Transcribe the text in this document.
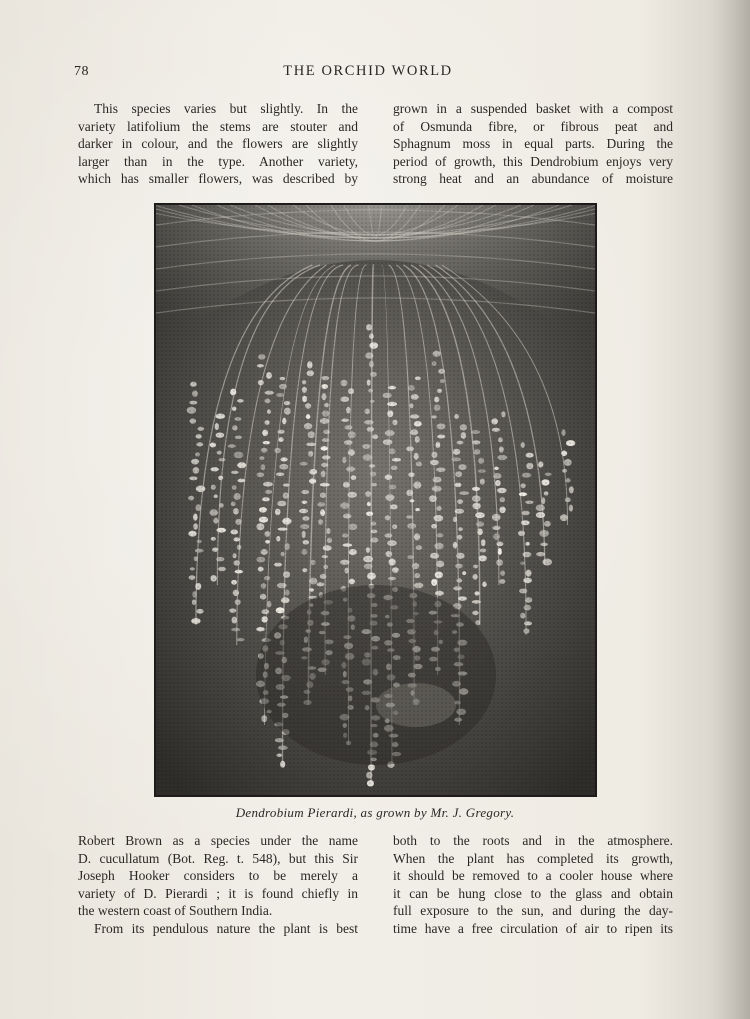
78	THE ORCHID WORLD

This species varies but slightly. In the
variety latifolium the stems are stouter and
darker in colour, and the flowers are slightly
larger than in the type. Another variety,
which has smaller flowers, was described by

grown in a suspended basket with a compost
of Osmunda fibre, or fibrous peat and
Sphagnum moss in equal parts. During the
period of growth, this Dendrobium enjoys very
strong heat and an abundance of moisture

Dendrobium Pierardi, as grown by Mr. J. Gregory.

Robert Brown as a species under the name
D. cucullatum (Bot. Reg. t. 548), but this Sir
Joseph Hooker considers to be merely a
variety of D. Pierardi ; it is found chiefly in
the western coast of Southern India.

From its pendulous nature the plant is best

both to the roots and in the atmosphere.
When the plant has completed its growth,
it should be removed to a cooler house where
it can be hung close to the glass and obtain
full exposure to the sun, and during the day-
time have a free circulation of air to ripen its
